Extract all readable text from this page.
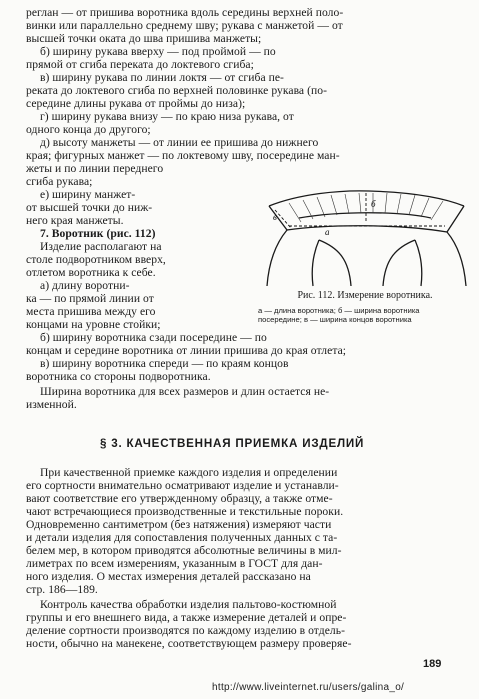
реглан — от пришива воротника вдоль середины верхней поло-
винки или параллельно среднему шву; рукава с манжетой — от
высшей точки оката до шва пришива манжеты;
б) ширину рукава вверху — под проймой — по
прямой от сгиба переката до локтевого сгиба;
в) ширину рукава по линии локтя — от сгиба пе-
реката до локтевого сгиба по верхней половинке рукава (по-
середине длины рукава от проймы до низа);
г) ширину рукава внизу — по краю низа рукава, от
одного конца до другого;
д) высоту манжеты — от линии ее пришива до нижнего
края; фигурных манжет — по локтевому шву, посередине ман-
жеты и по линии переднего
сгиба рукава;
е) ширину манжет-
от высшей точки до ниж-
него края манжеты.
7. Воротник (рис. 112)
Изделие располагают на
столе подворотником вверх,
отлетом воротника к себе.
а) длину воротни-
ка — по прямой линии от
места пришива между его
концами на уровне стойки;
б) ширину воротника сзади посередине — по
концам и середине воротника от линии пришива до края отлета;
в) ширину воротника спереди — по краям концов
воротника со стороны подворотника.
Ширина воротника для всех размеров и длин остается не-
изменной.
§ 3. КАЧЕСТВЕННАЯ ПРИЕМКА ИЗДЕЛИЙ
При качественной приемке каждого изделия и определении
его сортности внимательно осматривают изделие и устанавли-
вают соответствие его утвержденному образцу, а также отме-
чают встречающиеся производственные и текстильные пороки.
Одновременно сантиметром (без натяжения) измеряют части
и детали изделия для сопоставления полученных данных с та-
белем мер, в котором приводятся абсолютные величины в мил-
лиметрах по всем измерениям, указанным в ГОСТ для дан-
ного изделия. О местах измерения деталей рассказано на
стр. 186—189.
Контроль качества обработки изделия пальтово-костюмной
группы и его внешнего вида, а также измерение деталей и опре-
деление сортности производятся по каждому изделию в отдель-
ности, обычно на манекене, соответствующем размеру проверяе-
б
а
в
Рис. 112. Измерение воротника.
а — длина воротника; б — ширина воротника
посередине; в — ширина концов воротника
189
http://www.liveinternet.ru/users/galina_o/
